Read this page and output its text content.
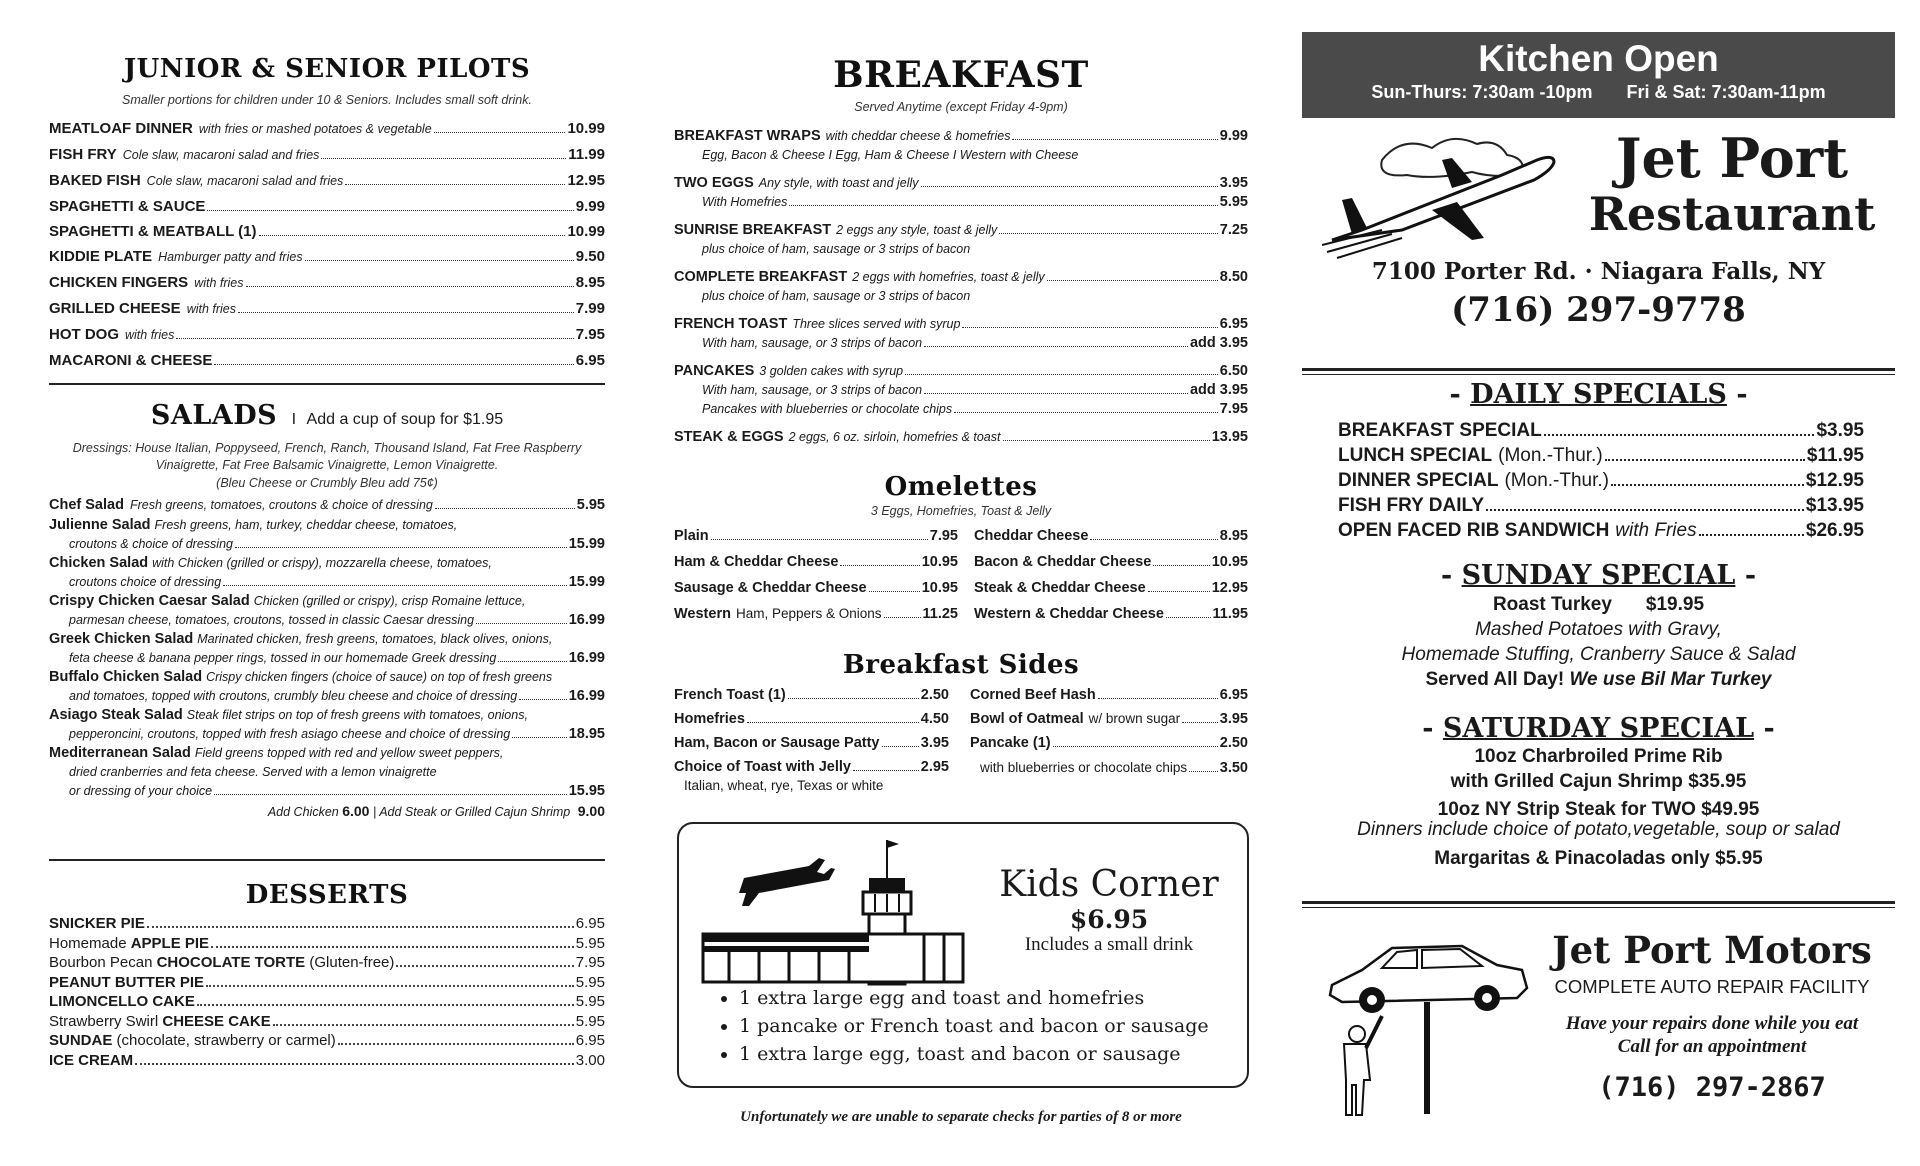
JUNIOR & SENIOR PILOTS
Smaller portions for children under 10 & Seniors. Includes small soft drink.
MEATLOAF DINNER with fries or mashed potatoes & vegetable	10.99
FISH FRY Cole slaw, macaroni salad and fries	11.99
BAKED FISH Cole slaw, macaroni salad and fries	12.95
SPAGHETTI & SAUCE	9.99
SPAGHETTI & MEATBALL (1)	10.99
KIDDIE PLATE Hamburger patty and fries	9.50
CHICKEN FINGERS with fries	8.95
GRILLED CHEESE with fries	7.99
HOT DOG with fries	7.95
MACARONI & CHEESE	6.95
SALADS I Add a cup of soup for $1.95
Dressings: House Italian, Poppyseed, French, Ranch, Thousand Island, Fat Free Raspberry Vinaigrette, Fat Free Balsamic Vinaigrette, Lemon Vinaigrette.
(Bleu Cheese or Crumbly Bleu add 75¢)
Chef Salad Fresh greens, tomatoes, croutons & choice of dressing	5.95
Julienne Salad Fresh greens, ham, turkey, cheddar cheese, tomatoes,
croutons & choice of dressing	15.99
Chicken Salad with Chicken (grilled or crispy), mozzarella cheese, tomatoes,
croutons choice of dressing	15.99
Crispy Chicken Caesar Salad Chicken (grilled or crispy), crisp Romaine lettuce,
parmesan cheese, tomatoes, croutons, tossed in classic Caesar dressing	16.99
Greek Chicken Salad Marinated chicken, fresh greens, tomatoes, black olives, onions,
feta cheese & banana pepper rings, tossed in our homemade Greek dressing	16.99
Buffalo Chicken Salad Crispy chicken fingers (choice of sauce) on top of fresh greens
and tomatoes, topped with croutons, crumbly bleu cheese and choice of dressing	16.99
Asiago Steak Salad Steak filet strips on top of fresh greens with tomatoes, onions,
pepperoncini, croutons, topped with fresh asiago cheese and choice of dressing	18.95
Mediterranean Salad Field greens topped with red and yellow sweet peppers,
dried cranberries and feta cheese. Served with a lemon vinaigrette
or dressing of your choice	15.95
Add Chicken 6.00 | Add Steak or Grilled Cajun Shrimp 9.00
DESSERTS
SNICKER PIE	6.95
Homemade APPLE PIE	5.95
Bourbon Pecan CHOCOLATE TORTE (Gluten-free)	7.95
PEANUT BUTTER PIE	5.95
LIMONCELLO CAKE	5.95
Strawberry Swirl CHEESE CAKE	5.95
SUNDAE (chocolate, strawberry or carmel)	6.95
ICE CREAM	3.00
BREAKFAST
Served Anytime (except Friday 4-9pm)
BREAKFAST WRAPS with cheddar cheese & homefries	9.99
Egg, Bacon & Cheese I Egg, Ham & Cheese I Western with Cheese
TWO EGGS Any style, with toast and jelly	3.95
With Homefries	5.95
SUNRISE BREAKFAST 2 eggs any style, toast & jelly	7.25
plus choice of ham, sausage or 3 strips of bacon
COMPLETE BREAKFAST 2 eggs with homefries, toast & jelly	8.50
plus choice of ham, sausage or 3 strips of bacon
FRENCH TOAST Three slices served with syrup	6.95
With ham, sausage, or 3 strips of bacon	add 3.95
PANCAKES 3 golden cakes with syrup	6.50
With ham, sausage, or 3 strips of bacon	add 3.95
Pancakes with blueberries or chocolate chips	7.95
STEAK & EGGS 2 eggs, 6 oz. sirloin, homefries & toast	13.95
Omelettes
3 Eggs, Homefries, Toast & Jelly
Plain	7.95
Ham & Cheddar Cheese	10.95
Sausage & Cheddar Cheese	10.95
Western Ham, Peppers & Onions	11.25
Cheddar Cheese	8.95
Bacon & Cheddar Cheese	10.95
Steak & Cheddar Cheese	12.95
Western & Cheddar Cheese	11.95
Breakfast Sides
French Toast (1)	2.50
Homefries	4.50
Ham, Bacon or Sausage Patty	3.95
Choice of Toast with Jelly	2.95
Italian, wheat, rye, Texas or white
Corned Beef Hash	6.95
Bowl of Oatmeal w/ brown sugar	3.95
Pancake (1)	2.50
with blueberries or chocolate chips 3.50
Kids Corner
$6.95
Includes a small drink
• 1 extra large egg and toast and homefries
• 1 pancake or French toast and bacon or sausage
• 1 extra large egg, toast and bacon or sausage
Unfortunately we are unable to separate checks for parties of 8 or more
Kitchen Open
Sun-Thurs: 7:30am -10pm Fri & Sat: 7:30am-11pm
Jet Port
Restaurant
7100 Porter Rd. · Niagara Falls, NY
(716) 297-9778
- DAILY SPECIALS -
BREAKFAST SPECIAL	$3.95
LUNCH SPECIAL (Mon.-Thur.)	$11.95
DINNER SPECIAL (Mon.-Thur.)	$12.95
FISH FRY DAILY	$13.95
OPEN FACED RIB SANDWICH with Fries	$26.95
- SUNDAY SPECIAL -
Roast Turkey $19.95
Mashed Potatoes with Gravy,
Homemade Stuffing, Cranberry Sauce & Salad
Served All Day! We use Bil Mar Turkey
- SATURDAY SPECIAL -
10oz Charbroiled Prime Rib
with Grilled Cajun Shrimp $35.95
10oz NY Strip Steak for TWO $49.95
Dinners include choice of potato,vegetable, soup or salad
Margaritas & Pinacoladas only $5.95
Jet Port Motors
COMPLETE AUTO REPAIR FACILITY
Have your repairs done while you eat
Call for an appointment
(716) 297-2867
